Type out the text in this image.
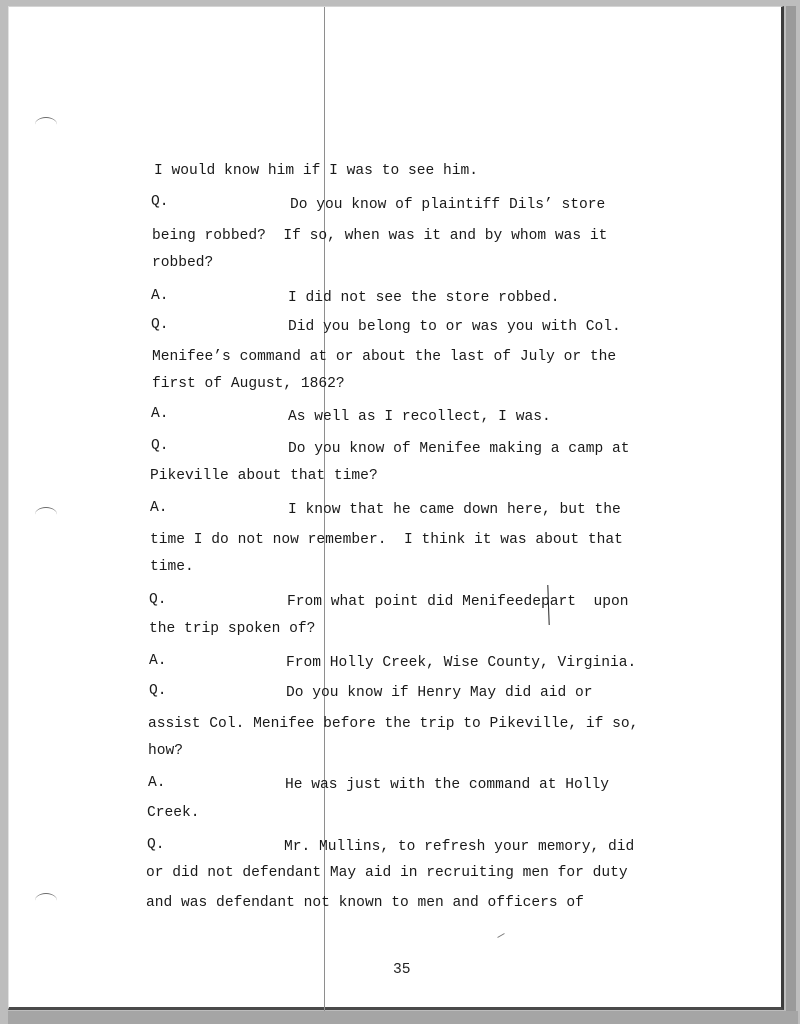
I would know him if I was to see him.
Q.	Do you know of plaintiff Dils’ store
being robbed?  If so, when was it and by whom was it
robbed?
A.	I did not see the store robbed.
Q.	Did you belong to or was you with Col.
Menifee’s command at or about the last of July or the
first of August, 1862?
A.	As well as I recollect, I was.
Q.	Do you know of Menifee making a camp at
Pikeville about that time?
A.	I know that he came down here, but the
time I do not now remember.  I think it was about that
time.
Q.	From what point did Menifeedepart  upon
the trip spoken of?
A.	From Holly Creek, Wise County, Virginia.
Q.	Do you know if Henry May did aid or
assist Col. Menifee before the trip to Pikeville, if so,
how?
A.	He was just with the command at Holly
Creek.
Q.	Mr. Mullins, to refresh your memory, did
or did not defendant May aid in recruiting men for duty
and was defendant not known to men and officers of
35
